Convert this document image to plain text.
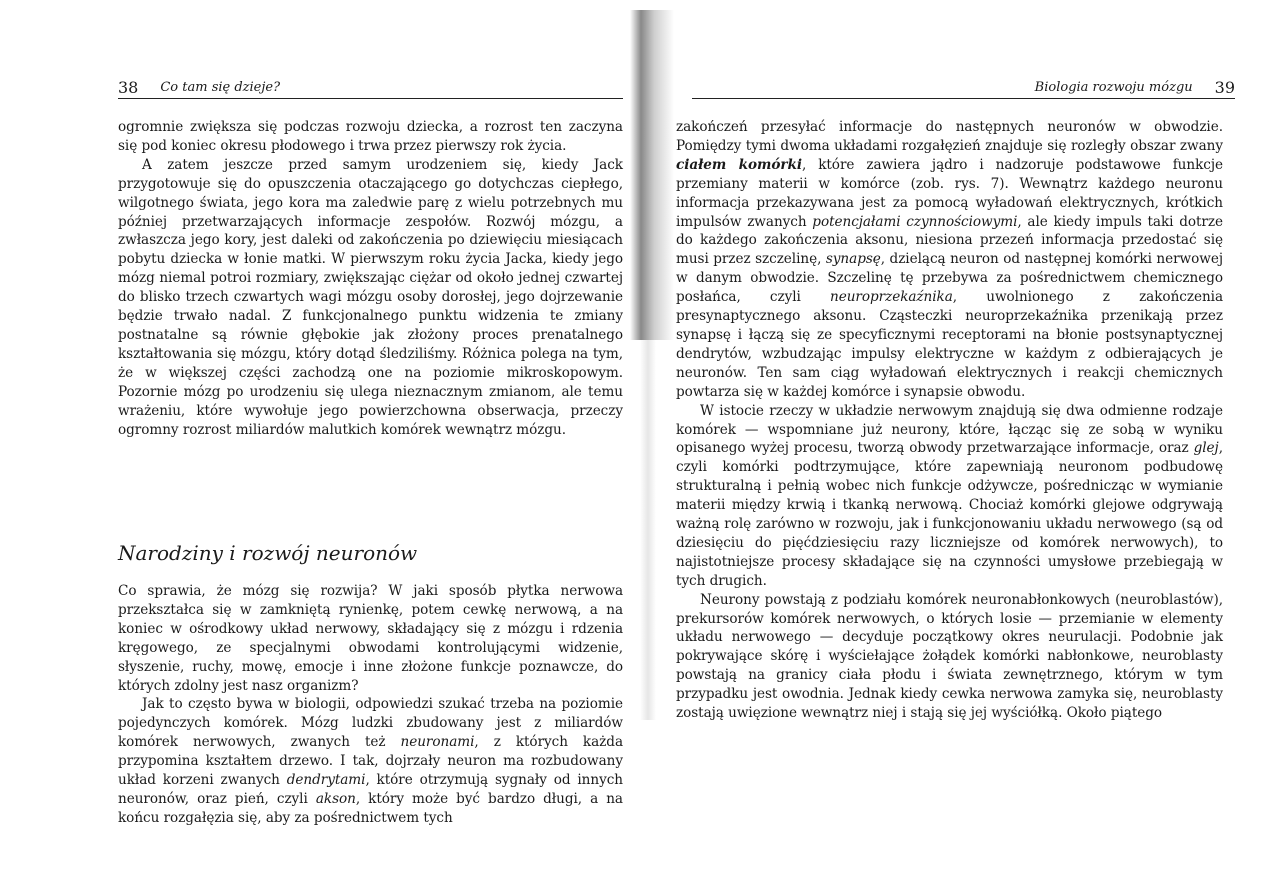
38 Co tam się dzieje?

ogromnie zwiększa się podczas rozwoju dziecka, a rozrost ten zaczyna się pod koniec okresu płodowego i trwa przez pierwszy rok życia.

A zatem jeszcze przed samym urodzeniem się, kiedy Jack przygotowuje się do opuszczenia otaczającego go dotychczas ciepłego, wilgotnego świata, jego kora ma zaledwie parę z wielu potrzebnych mu później przetwarzających informacje zespołów. Rozwój mózgu, a zwłaszcza jego kory, jest daleki od zakończenia po dziewięciu miesiącach pobytu dziecka w łonie matki. W pierwszym roku życia Jacka, kiedy jego mózg niemal potroi rozmiary, zwiększając ciężar od około jednej czwartej do blisko trzech czwartych wagi mózgu osoby dorosłej, jego dojrzewanie będzie trwało nadal. Z funkcjonalnego punktu widzenia te zmiany postnatalne są równie głębokie jak złożony proces prenatalnego kształtowania się mózgu, który dotąd śledziliśmy. Różnica polega na tym, że w większej części zachodzą one na poziomie mikroskopowym. Pozornie mózg po urodzeniu się ulega nieznacznym zmianom, ale temu wrażeniu, które wywołuje jego powierzchowna obserwacja, przeczy ogromny rozrost miliardów malutkich komórek wewnątrz mózgu.

Narodziny i rozwój neuronów

Co sprawia, że mózg się rozwija? W jaki sposób płytka nerwowa przekształca się w zamkniętą rynienkę, potem cewkę nerwową, a na koniec w ośrodkowy układ nerwowy, składający się z mózgu i rdzenia kręgowego, ze specjalnymi obwodami kontrolującymi widzenie, słyszenie, ruchy, mowę, emocje i inne złożone funkcje poznawcze, do których zdolny jest nasz organizm?

Jak to często bywa w biologii, odpowiedzi szukać trzeba na poziomie pojedynczych komórek. Mózg ludzki zbudowany jest z miliardów komórek nerwowych, zwanych też neuronami, z których każda przypomina kształtem drzewo. I tak, dojrzały neuron ma rozbudowany układ korzeni zwanych dendrytami, które otrzymują sygnały od innych neuronów, oraz pień, czyli akson, który może być bardzo długi, a na końcu rozgałęzia się, aby za pośrednictwem tych

Biologia rozwoju mózgu 39

zakończeń przesyłać informacje do następnych neuronów w obwodzie. Pomiędzy tymi dwoma układami rozgałęzień znajduje się rozległy obszar zwany ciałem komórki, które zawiera jądro i nadzoruje podstawowe funkcje przemiany materii w komórce (zob. rys. 7). Wewnątrz każdego neuronu informacja przekazywana jest za pomocą wyładowań elektrycznych, krótkich impulsów zwanych potencjałami czynnościowymi, ale kiedy impuls taki dotrze do każdego zakończenia aksonu, niesiona przezeń informacja przedostać się musi przez szczelinę, synapsę, dzielącą neuron od następnej komórki nerwowej w danym obwodzie. Szczelinę tę przebywa za pośrednictwem chemicznego posłańca, czyli neuroprzekaźnika, uwolnionego z zakończenia presynaptycznego aksonu. Cząsteczki neuroprzekaźnika przenikają przez synapsę i łączą się ze specyficznymi receptorami na błonie postsynaptycznej dendrytów, wzbudzając impulsy elektryczne w każdym z odbierających je neuronów. Ten sam ciąg wyładowań elektrycznych i reakcji chemicznych powtarza się w każdej komórce i synapsie obwodu.

W istocie rzeczy w układzie nerwowym znajdują się dwa odmienne rodzaje komórek — wspomniane już neurony, które, łącząc się ze sobą w wyniku opisanego wyżej procesu, tworzą obwody przetwarzające informacje, oraz glej, czyli komórki podtrzymujące, które zapewniają neuronom podbudowę strukturalną i pełnią wobec nich funkcje odżywcze, pośrednicząc w wymianie materii między krwią i tkanką nerwową. Chociaż komórki glejowe odgrywają ważną rolę zarówno w rozwoju, jak i funkcjonowaniu układu nerwowego (są od dziesięciu do pięćdziesięciu razy liczniejsze od komórek nerwowych), to najistotniejsze procesy składające się na czynności umysłowe przebiegają w tych drugich.

Neurony powstają z podziału komórek neuronabłonkowych (neuroblastów), prekursorów komórek nerwowych, o których losie — przemianie w elementy układu nerwowego — decyduje początkowy okres neurulacji. Podobnie jak pokrywające skórę i wyściełające żołądek komórki nabłonkowe, neuroblasty powstają na granicy ciała płodu i świata zewnętrznego, którym w tym przypadku jest owodnia. Jednak kiedy cewka nerwowa zamyka się, neuroblasty zostają uwięzione wewnątrz niej i stają się jej wyściółką. Około piątego
